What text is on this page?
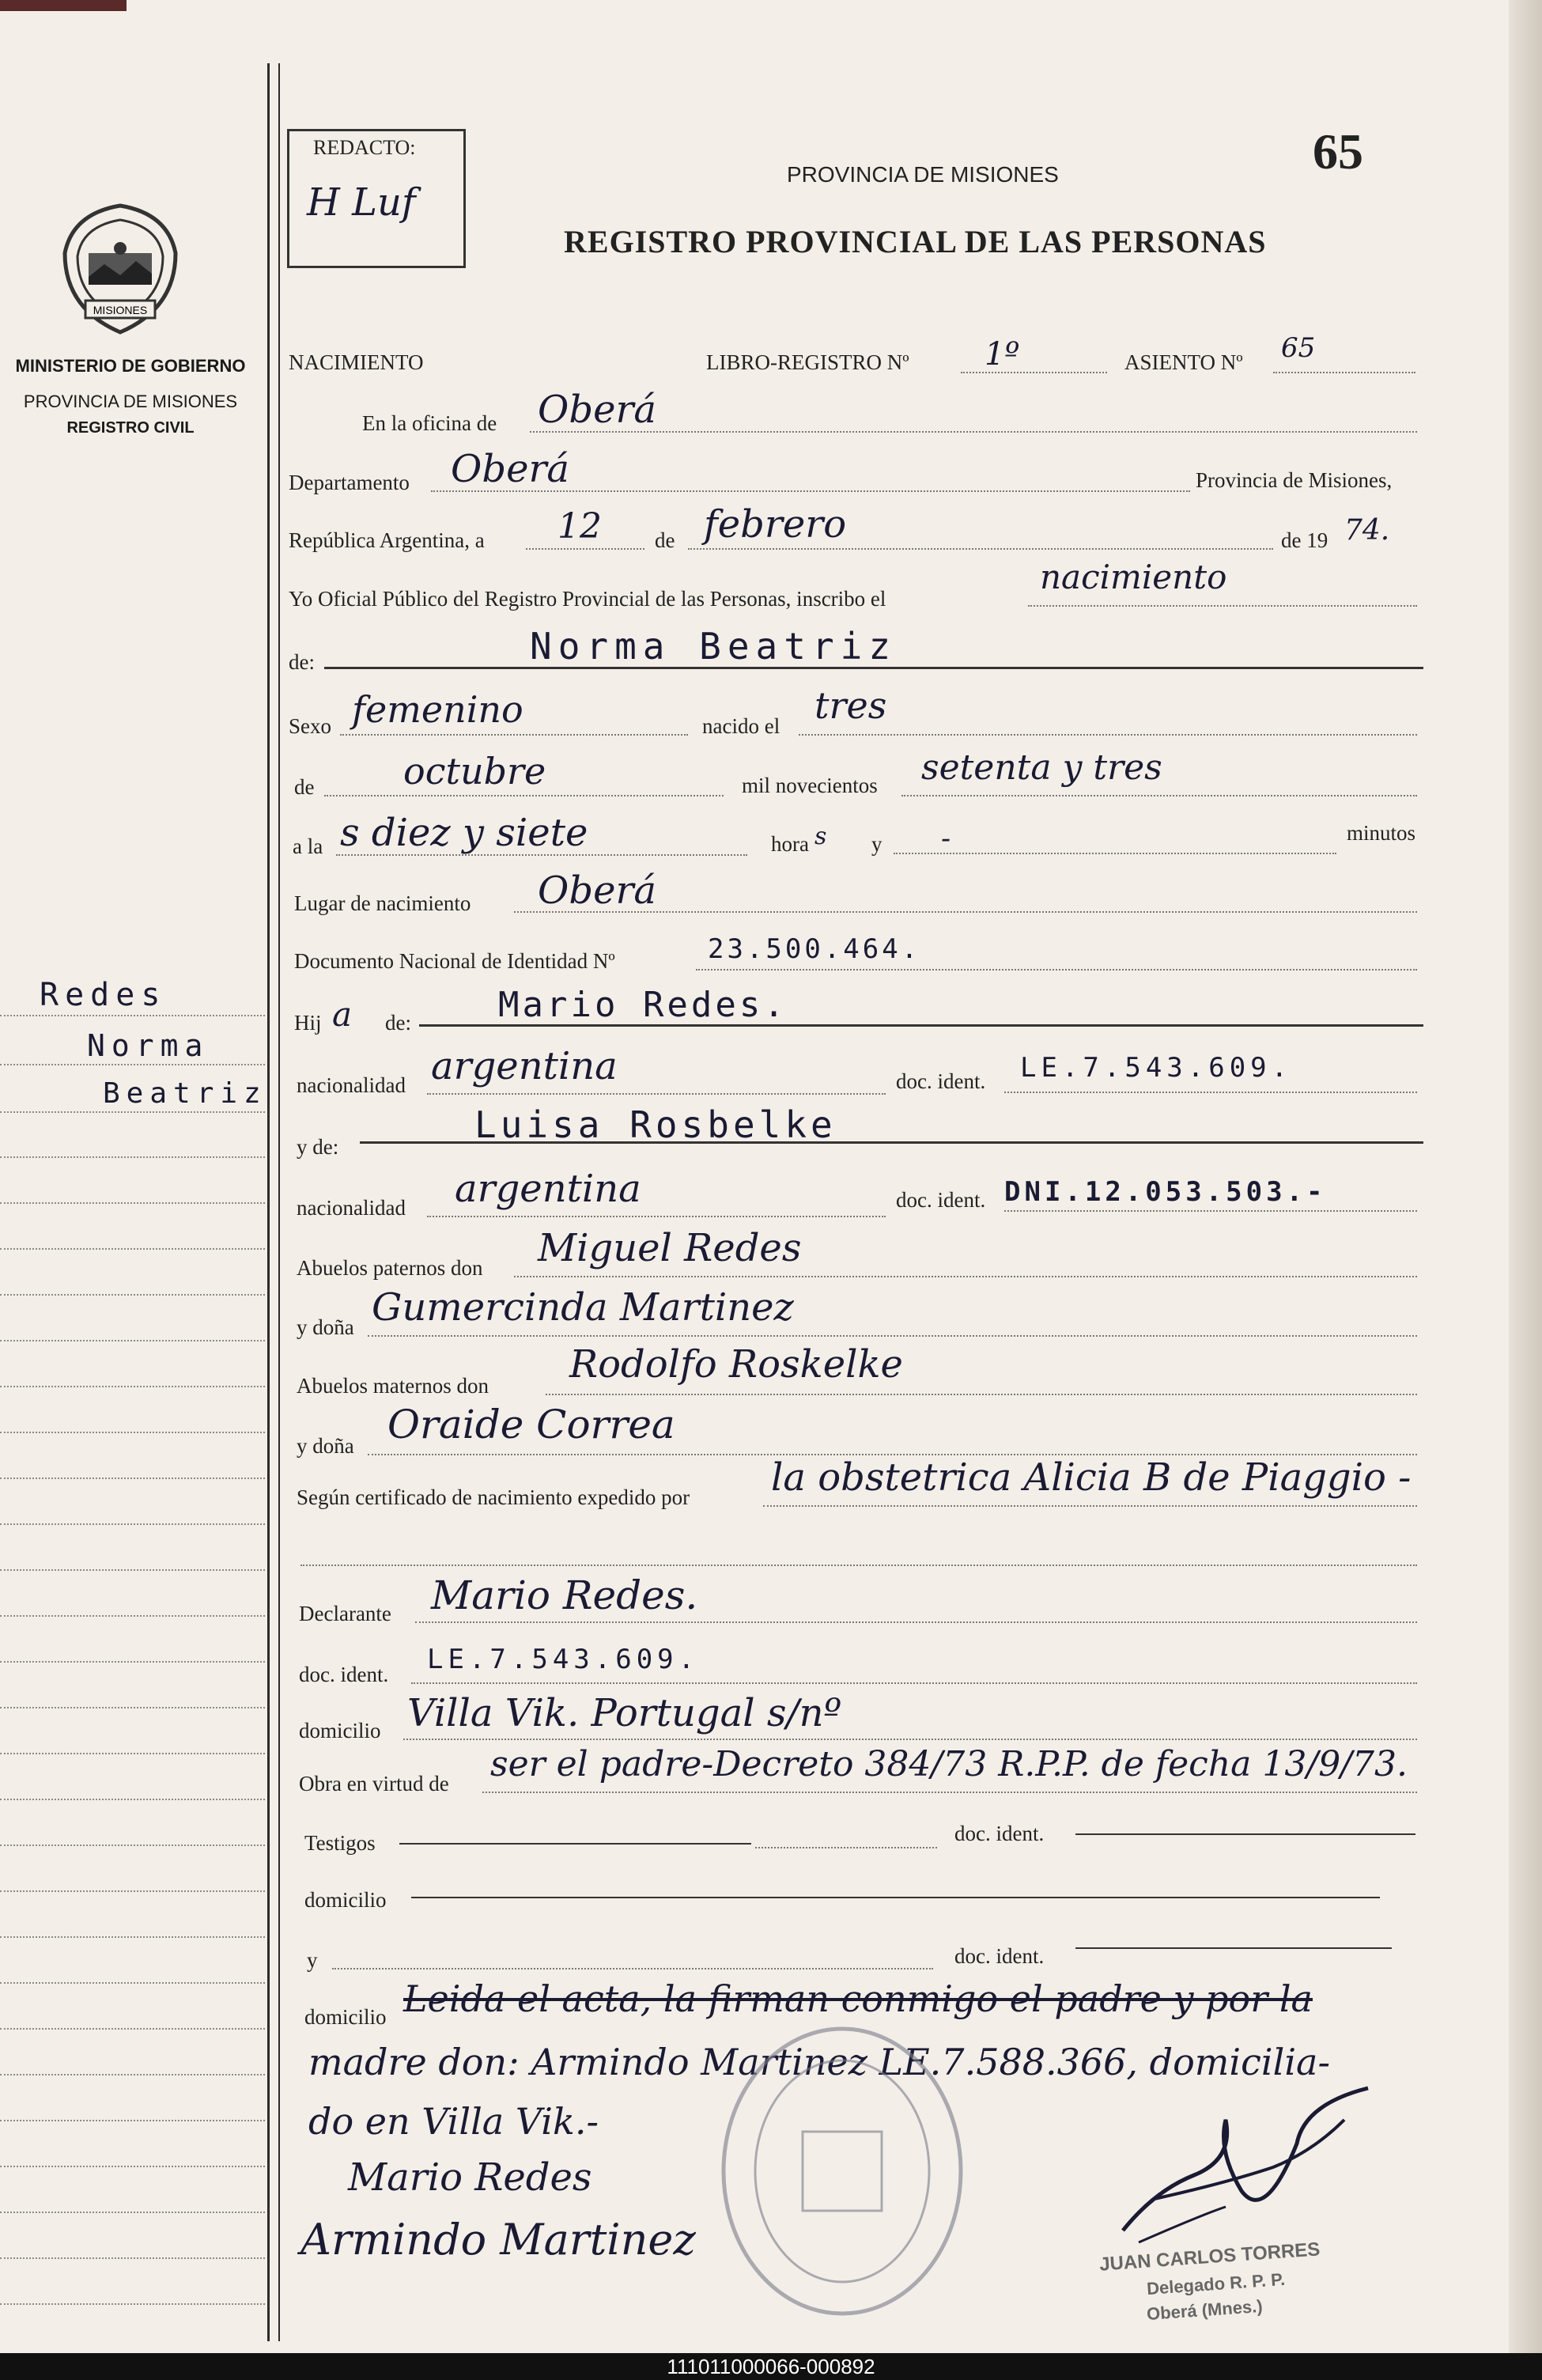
MISIONES
MINISTERIO DE GOBIERNO
PROVINCIA DE MISIONES
REGISTRO CIVIL
Redes
Norma
Beatriz
REDACTO:
H Luf
PROVINCIA DE MISIONES
REGISTRO PROVINCIAL DE LAS PERSONAS
65
NACIMIENTO	LIBRO-REGISTRO Nº 1º	ASIENTO Nº 65
En la oficina de Oberá
Departamento Oberá	Provincia de Misiones,
República Argentina, a 12 de febrero	de 19 74.
Yo Oficial Público del Registro Provincial de las Personas, inscribo el
nacimiento
de:	Norma Beatriz
Sexo femenino	nacido el tres
de octubre	mil novecientos setenta y tres
a la s diez y siete	hora s y -	minutos
Lugar de nacimiento Oberá
Documento Nacional de Identidad Nº	23.500.464.
Hij a de:	Mario Redes.
nacionalidad argentina	doc. ident. LE.7.543.609.
y de:
Luisa Rosbelke
nacionalidad argentina	doc. ident. DNI.12.053.503.-
Abuelos paternos don Miguel Redes
y doña Gumercinda Martinez
Abuelos maternos don Rodolfo Roskelke
y doña Oraide Correa
Según certificado de nacimiento expedido por la obstetrica Alicia B de Piaggio -
Declarante Mario Redes.
doc. ident. LE.7.543.609.
domicilio Villa Vik. Portugal s/nº
Obra en virtud de ser el padre-Decreto 384/73 R.P.P. de fecha 13/9/73.
Testigos	doc. ident.
domicilio
y	doc. ident.
domicilio Leida el acta, la firman conmigo el padre y por la
madre don: Armindo Martinez LE.7.588.366, domicilia-
do en Villa Vik.-
Mario Redes
Armindo Martinez	JUAN CARLOS TORRES
Delegado R. P. P.
Oberá (Mnes.)
111011000066-000892
